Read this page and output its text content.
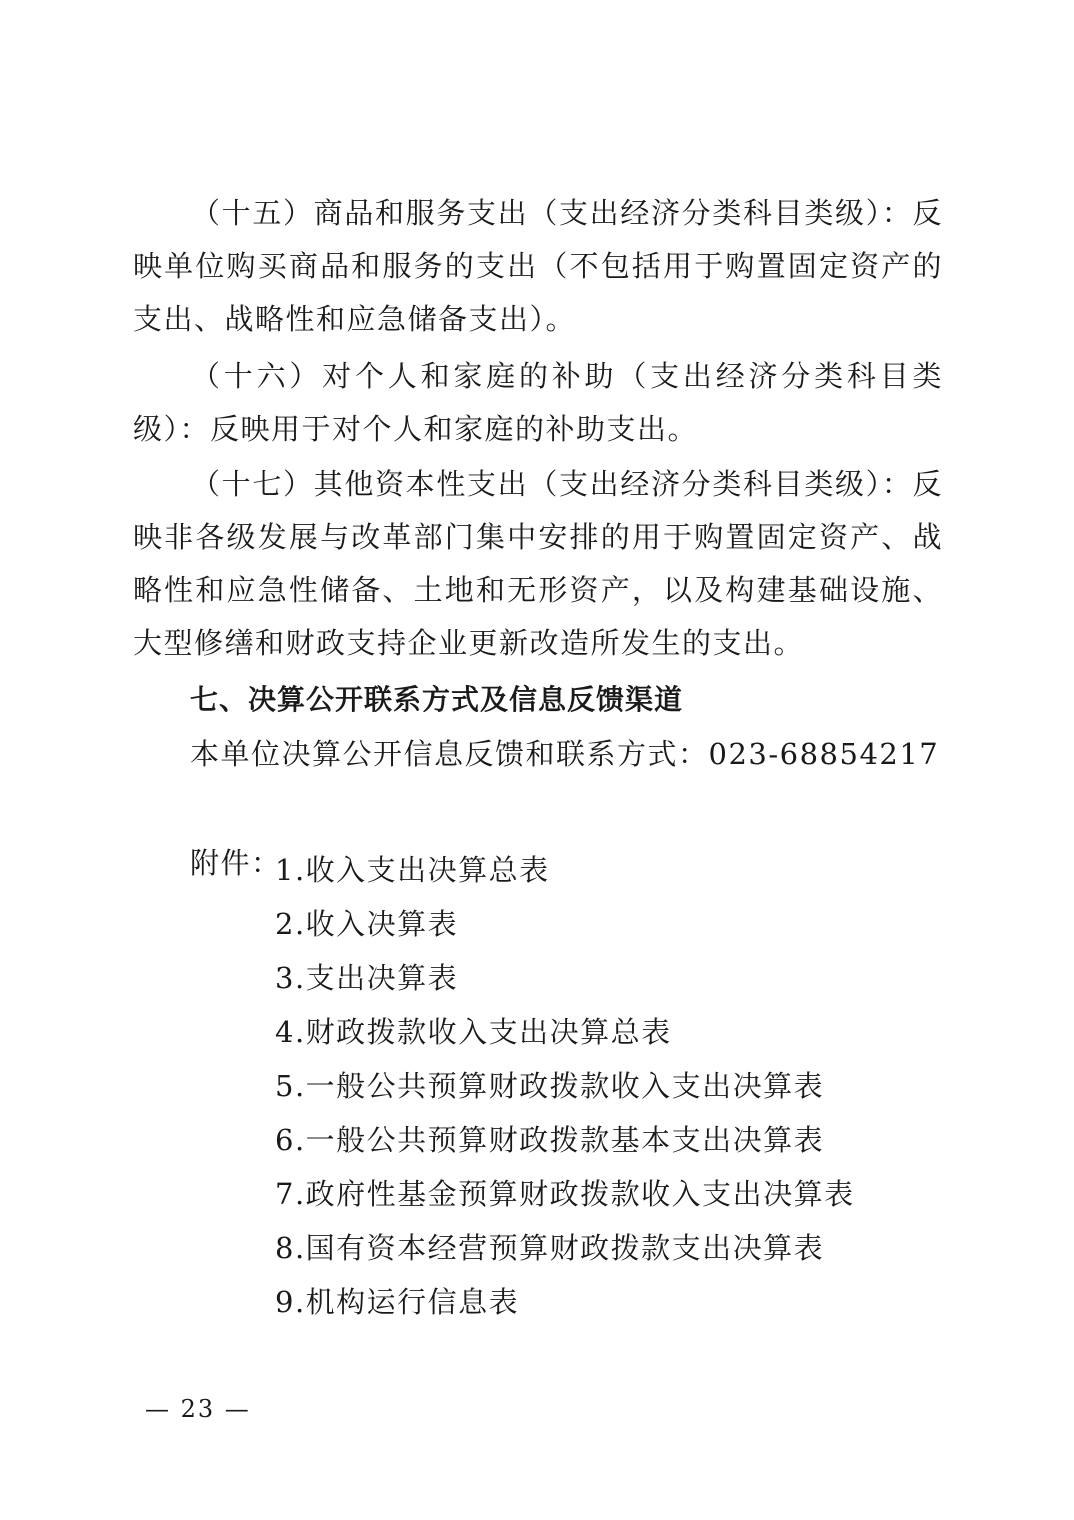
（十五）商品和服务支出（支出经济分类科目类级）：反映单位购买商品和服务的支出（不包括用于购置固定资产的支出、战略性和应急储备支出）。

（十六）对个人和家庭的补助（支出经济分类科目类级）：反映用于对个人和家庭的补助支出。

（十七）其他资本性支出（支出经济分类科目类级）：反映非各级发展与改革部门集中安排的用于购置固定资产、战略性和应急性储备、土地和无形资产，以及构建基础设施、大型修缮和财政支持企业更新改造所发生的支出。

七、决算公开联系方式及信息反馈渠道

本单位决算公开信息反馈和联系方式：023-68854217

附件：
1.收入支出决算总表
2.收入决算表
3.支出决算表
4.财政拨款收入支出决算总表
5.一般公共预算财政拨款收入支出决算表
6.一般公共预算财政拨款基本支出决算表
7.政府性基金预算财政拨款收入支出决算表
8.国有资本经营预算财政拨款支出决算表
9.机构运行信息表
— 23 —
